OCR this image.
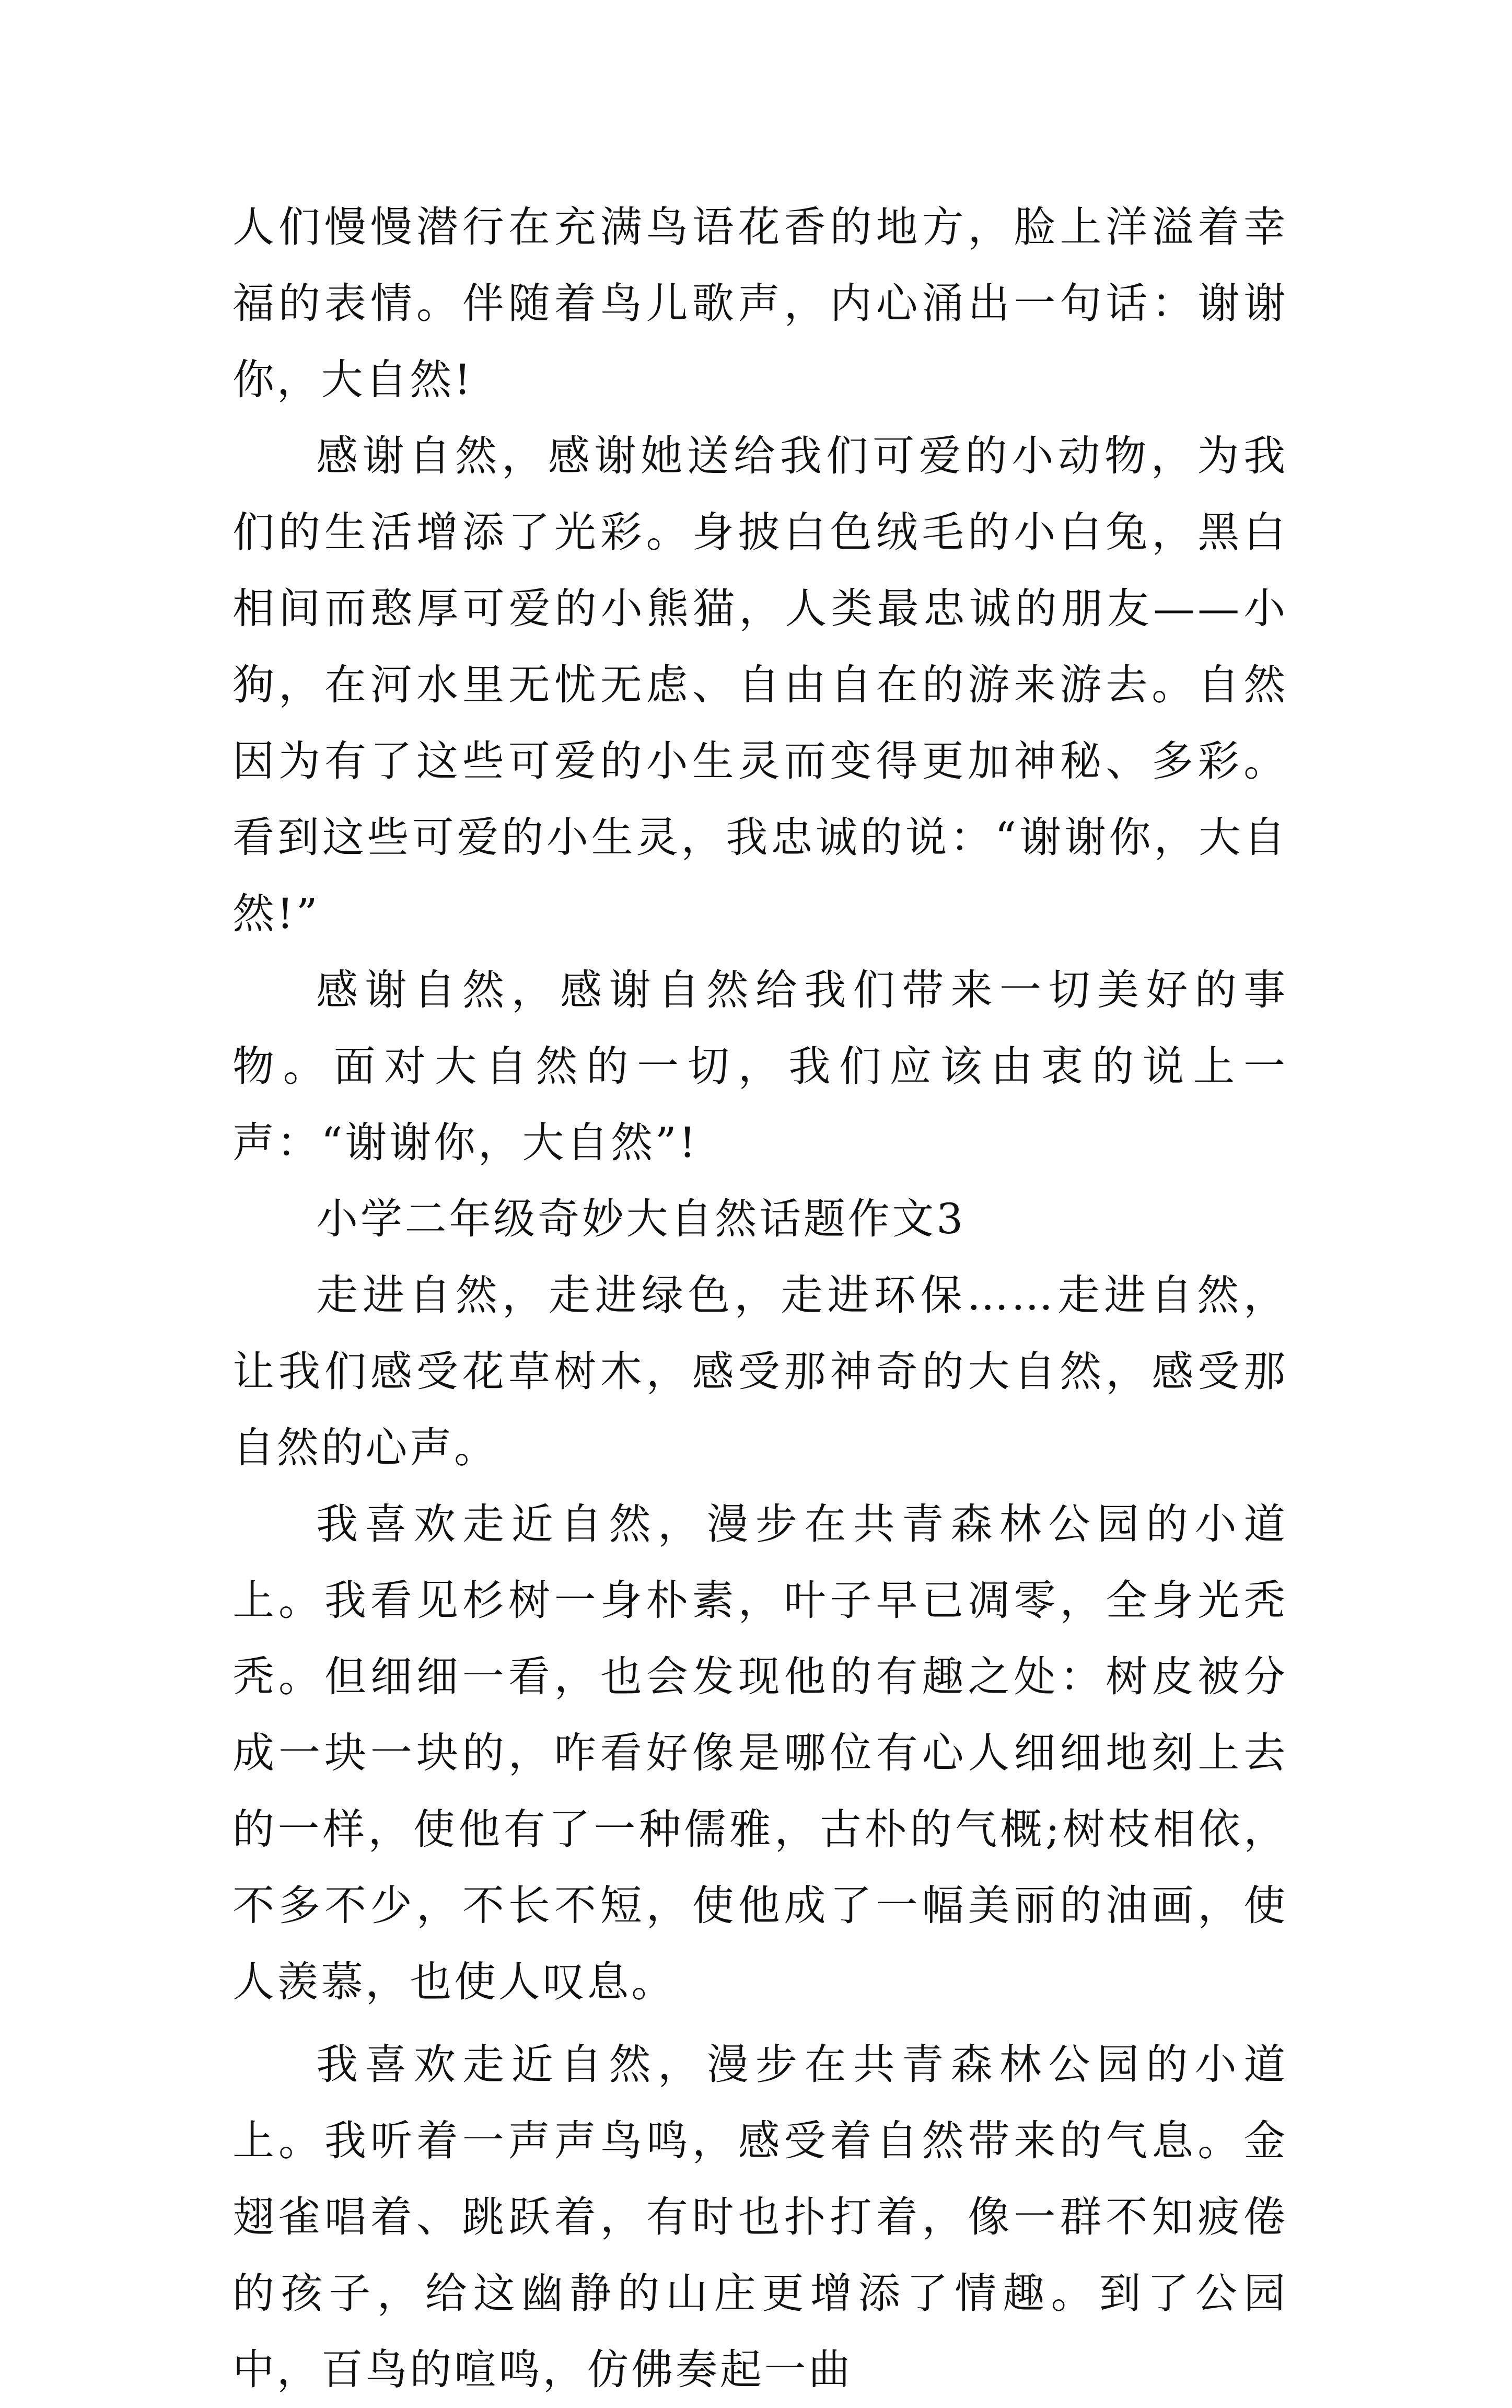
人们慢慢潜行在充满鸟语花香的地方，脸上洋溢着幸福的表情。伴随着鸟儿歌声，内心涌出一句话：谢谢你，大自然!

感谢自然，感谢她送给我们可爱的小动物，为我们的生活增添了光彩。身披白色绒毛的小白兔，黑白相间而憨厚可爱的小熊猫，人类最忠诚的朋友——小狗，在河水里无忧无虑、自由自在的游来游去。自然因为有了这些可爱的小生灵而变得更加神秘、多彩。看到这些可爱的小生灵，我忠诚的说：“谢谢你，大自然!”

感谢自然，感谢自然给我们带来一切美好的事物。面对大自然的一切，我们应该由衷的说上一声：“谢谢你，大自然”!

小学二年级奇妙大自然话题作文3

走进自然，走进绿色，走进环保……走进自然，让我们感受花草树木，感受那神奇的大自然，感受那自然的心声。

我喜欢走近自然，漫步在共青森林公园的小道上。我看见杉树一身朴素，叶子早已凋零，全身光秃秃。但细细一看，也会发现他的有趣之处：树皮被分成一块一块的，咋看好像是哪位有心人细细地刻上去的一样，使他有了一种儒雅，古朴的气概;树枝相依，不多不少，不长不短，使他成了一幅美丽的油画，使人羡慕，也使人叹息。

我喜欢走近自然，漫步在共青森林公园的小道上。我听着一声声鸟鸣，感受着自然带来的气息。金翅雀唱着、跳跃着，有时也扑打着，像一群不知疲倦的孩子，给这幽静的山庄更增添了情趣。到了公园中，百鸟的喧鸣，仿佛奏起一曲
